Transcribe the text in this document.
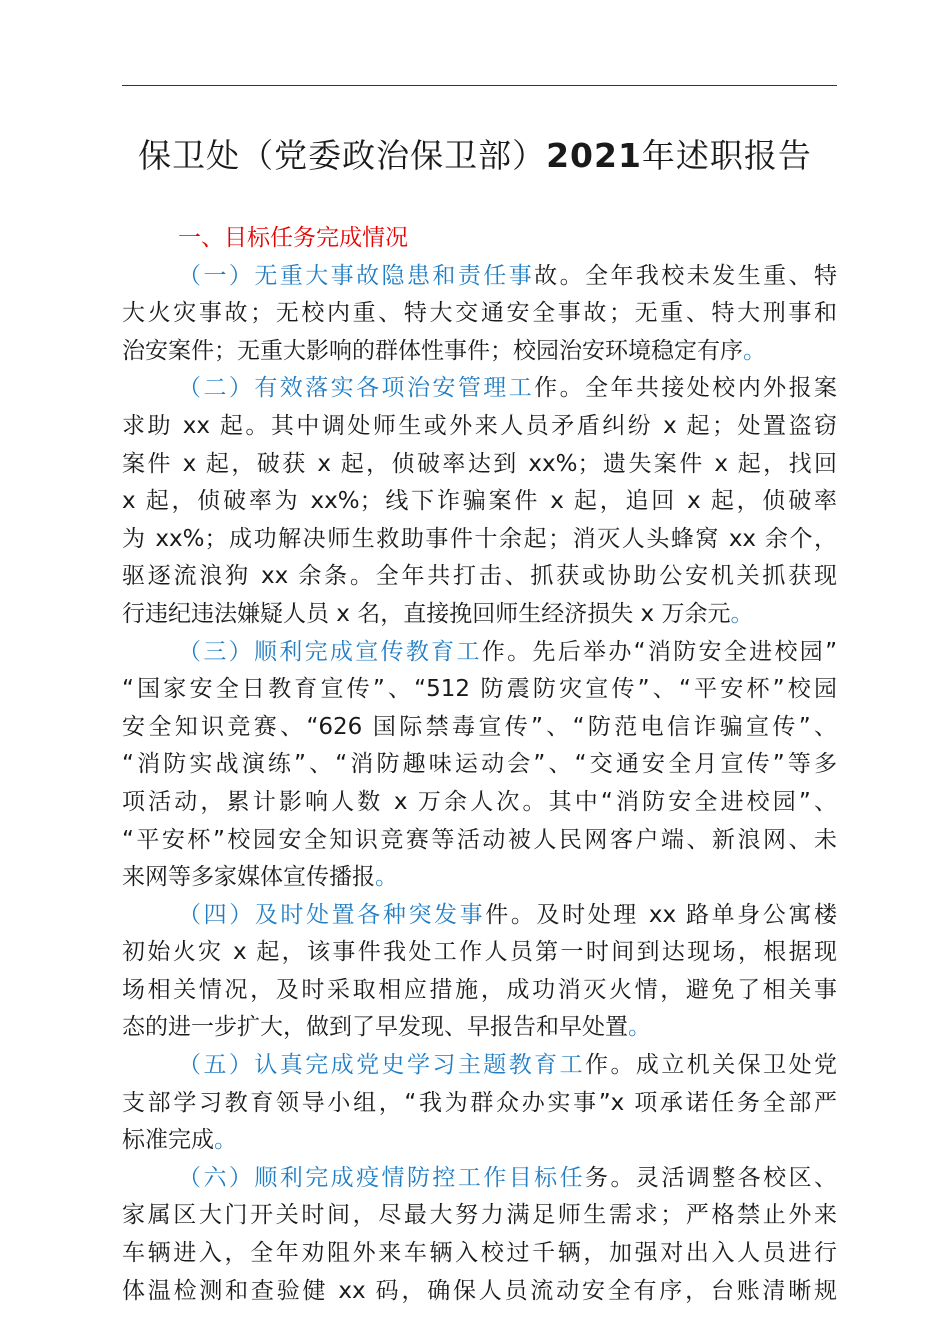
保卫处（党委政治保卫部）2021年述职报告
一、目标任务完成情况
（一）无重大事故隐患和责任事故。全年我校未发生重、特
大火灾事故；无校内重、特大交通安全事故；无重、特大刑事和
治安案件；无重大影响的群体性事件；校园治安环境稳定有序。
（二）有效落实各项治安管理工作。全年共接处校内外报案
求助 xx 起。其中调处师生或外来人员矛盾纠纷 x 起；处置盗窃
案件 x 起，破获 x 起，侦破率达到 xx%；遗失案件 x 起，找回
x 起，侦破率为 xx%；线下诈骗案件 x 起，追回 x 起，侦破率
为 xx%；成功解决师生救助事件十余起；消灭人头蜂窝 xx 余个，
驱逐流浪狗 xx 余条。全年共打击、抓获或协助公安机关抓获现
行违纪违法嫌疑人员 x 名，直接挽回师生经济损失 x 万余元。
（三）顺利完成宣传教育工作。先后举办“消防安全进校园”
“国家安全日教育宣传”、“512 防震防灾宣传”、“平安杯”校园
安全知识竞赛、“626 国际禁毒宣传”、“防范电信诈骗宣传”、
“消防实战演练”、“消防趣味运动会”、“交通安全月宣传”等多
项活动，累计影响人数 x 万余人次。其中“消防安全进校园”、
“平安杯”校园安全知识竞赛等活动被人民网客户端、新浪网、未
来网等多家媒体宣传播报。
（四）及时处置各种突发事件。及时处理 xx 路单身公寓楼
初始火灾 x 起，该事件我处工作人员第一时间到达现场，根据现
场相关情况，及时采取相应措施，成功消灭火情，避免了相关事
态的进一步扩大，做到了早发现、早报告和早处置。
（五）认真完成党史学习主题教育工作。成立机关保卫处党
支部学习教育领导小组，“我为群众办实事”x 项承诺任务全部严
标准完成。
（六）顺利完成疫情防控工作目标任务。灵活调整各校区、
家属区大门开关时间，尽最大努力满足师生需求；严格禁止外来
车辆进入，全年劝阻外来车辆入校过千辆，加强对出入人员进行
体温检测和查验健 xx 码，确保人员流动安全有序，台账清晰规
